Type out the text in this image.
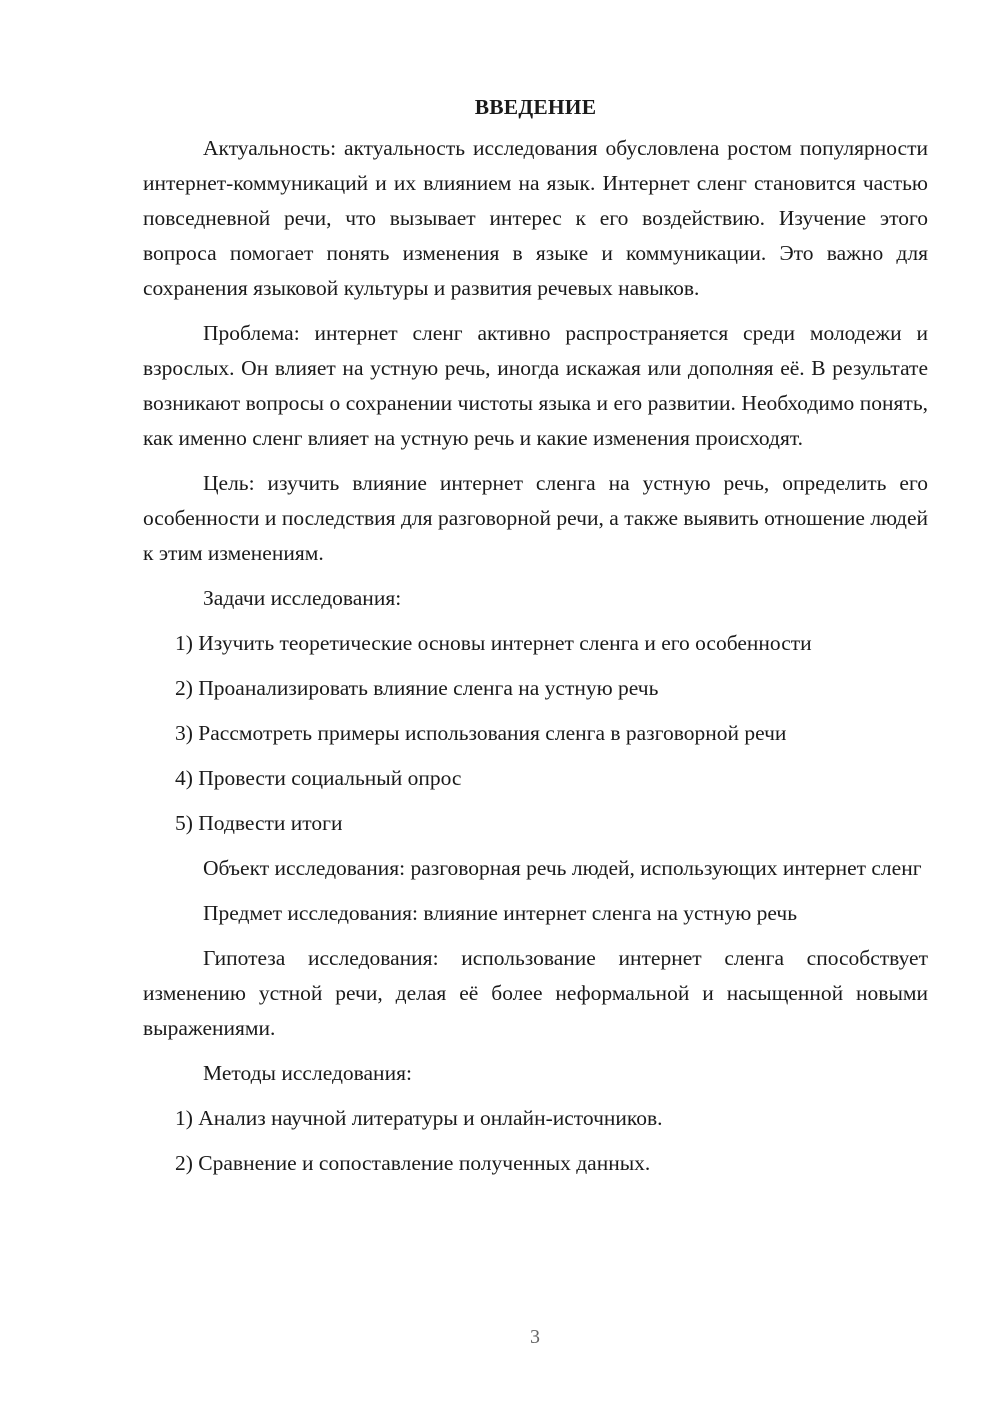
ВВЕДЕНИЕ

Актуальность: актуальность исследования обусловлена ростом популярности интернет-коммуникаций и их влиянием на язык. Интернет сленг становится частью повседневной речи, что вызывает интерес к его воздействию. Изучение этого вопроса помогает понять изменения в языке и коммуникации. Это важно для сохранения языковой культуры и развития речевых навыков.

Проблема: интернет сленг активно распространяется среди молодежи и взрослых. Он влияет на устную речь, иногда искажая или дополняя её. В результате возникают вопросы о сохранении чистоты языка и его развитии. Необходимо понять, как именно сленг влияет на устную речь и какие изменения происходят.

Цель: изучить влияние интернет сленга на устную речь, определить его особенности и последствия для разговорной речи, а также выявить отношение людей к этим изменениям.

Задачи исследования:

1) Изучить теоретические основы интернет сленга и его особенности

2) Проанализировать влияние сленга на устную речь

3) Рассмотреть примеры использования сленга в разговорной речи

4) Провести социальный опрос

5) Подвести итоги

Объект исследования: разговорная речь людей, использующих интернет сленг

Предмет исследования: влияние интернет сленга на устную речь

Гипотеза исследования: использование интернет сленга способствует изменению устной речи, делая её более неформальной и насыщенной новыми выражениями.

Методы исследования:

1) Анализ научной литературы и онлайн-источников.

2) Сравнение и сопоставление полученных данных.

3
